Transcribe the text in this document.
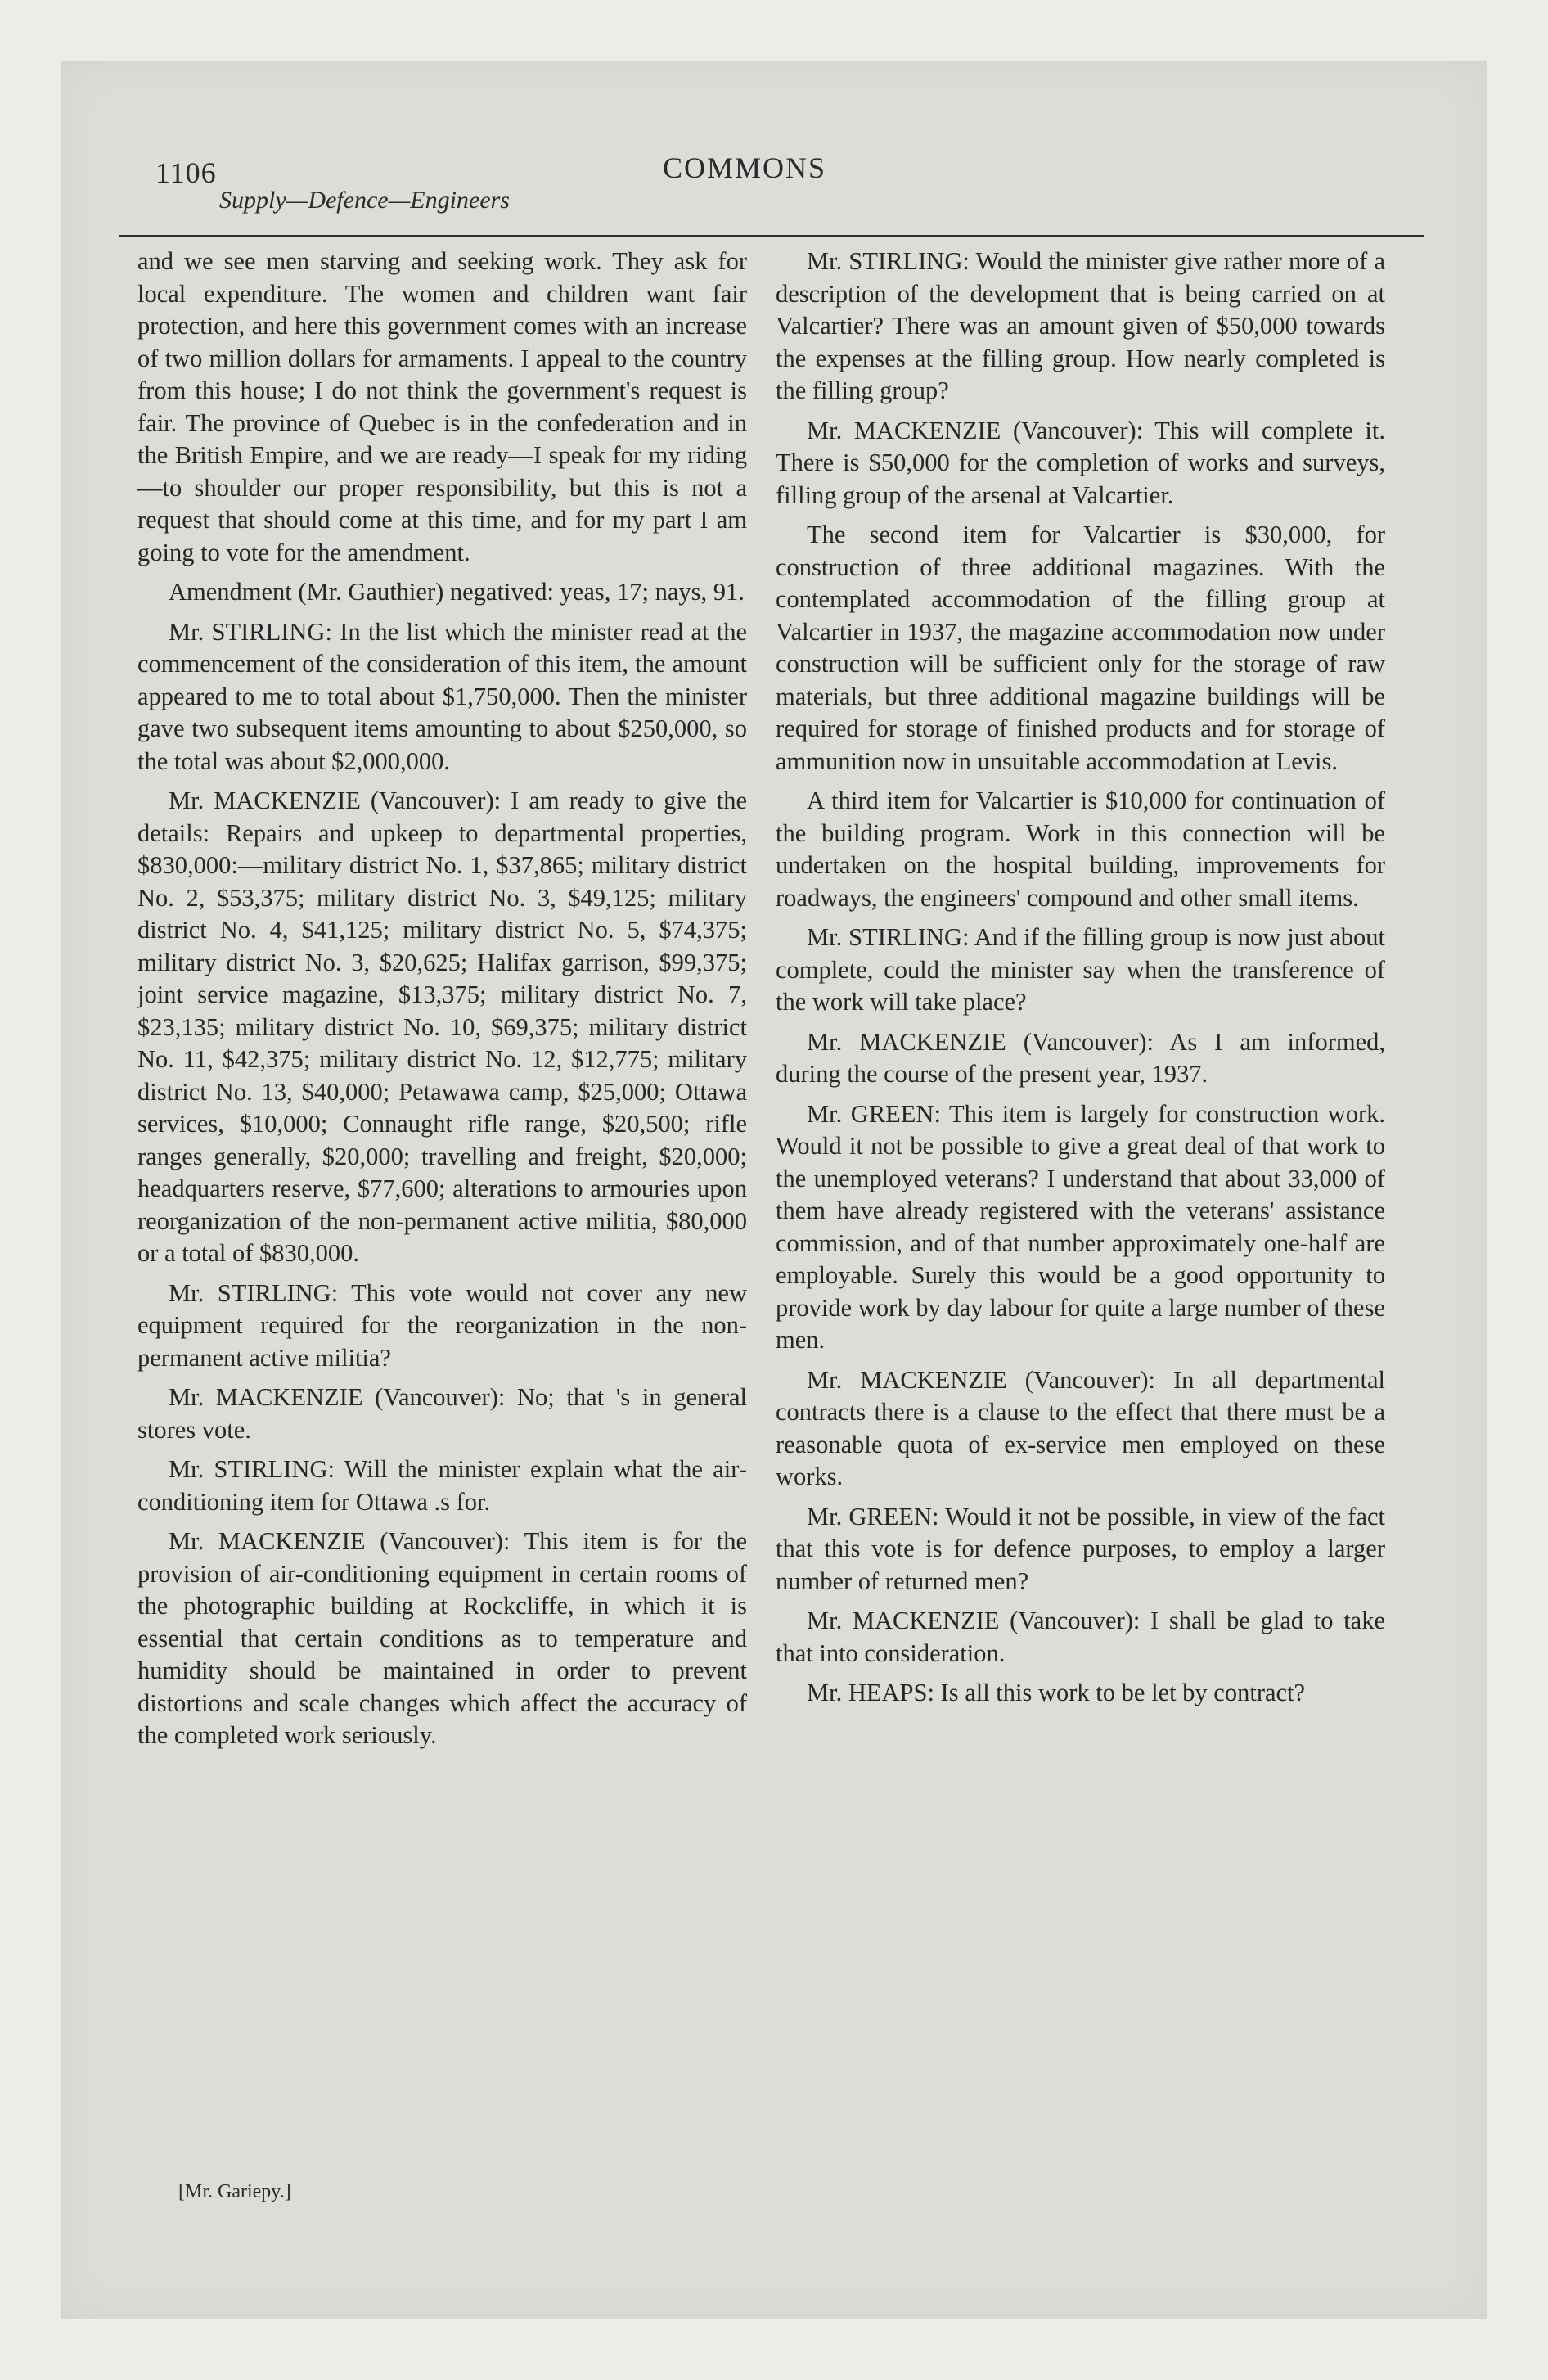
1106	COMMONS
Supply—Defence—Engineers

and we see men starving and seeking work. They ask for local expenditure. The women and children want fair protection, and here this government comes with an increase of two million dollars for armaments. I appeal to the country from this house; I do not think the government's request is fair. The province of Quebec is in the confederation and in the British Empire, and we are ready—I speak for my riding—to shoulder our proper responsibility, but this is not a request that should come at this time, and for my part I am going to vote for the amendment.

Amendment (Mr. Gauthier) negatived: yeas, 17; nays, 91.

Mr. STIRLING: In the list which the minister read at the commencement of the consideration of this item, the amount appeared to me to total about $1,750,000. Then the minister gave two subsequent items amounting to about $250,000, so the total was about $2,000,000.

Mr. MACKENZIE (Vancouver): I am ready to give the details: Repairs and upkeep to departmental properties, $830,000:—military district No. 1, $37,865; military district No. 2, $53,375; military district No. 3, $49,125; military district No. 4, $41,125; military district No. 5, $74,375; military district No. 3, $20,625; Halifax garrison, $99,375; joint service magazine, $13,375; military district No. 7, $23,135; military district No. 10, $69,375; military district No. 11, $42,375; military district No. 12, $12,775; military district No. 13, $40,000; Petawawa camp, $25,000; Ottawa services, $10,000; Connaught rifle range, $20,500; rifle ranges generally, $20,000; travelling and freight, $20,000; headquarters reserve, $77,600; alterations to armouries upon reorganization of the non-permanent active militia, $80,000 or a total of $830,000.

Mr. STIRLING: This vote would not cover any new equipment required for the reorganization in the non-permanent active militia?

Mr. MACKENZIE (Vancouver): No; that 's in general stores vote.

Mr. STIRLING: Will the minister explain what the air-conditioning item for Ottawa .s for.

Mr. MACKENZIE (Vancouver): This item is for the provision of air-conditioning equipment in certain rooms of the photographic building at Rockcliffe, in which it is essential that certain conditions as to temperature and humidity should be maintained in order to prevent distortions and scale changes which affect the accuracy of the completed work seriously.

Mr. STIRLING: Would the minister give rather more of a description of the development that is being carried on at Valcartier? There was an amount given of $50,000 towards the expenses at the filling group. How nearly completed is the filling group?

Mr. MACKENZIE (Vancouver): This will complete it. There is $50,000 for the completion of works and surveys, filling group of the arsenal at Valcartier.

The second item for Valcartier is $30,000, for construction of three additional magazines. With the contemplated accommodation of the filling group at Valcartier in 1937, the magazine accommodation now under construction will be sufficient only for the storage of raw materials, but three additional magazine buildings will be required for storage of finished products and for storage of ammunition now in unsuitable accommodation at Levis.

A third item for Valcartier is $10,000 for continuation of the building program. Work in this connection will be undertaken on the hospital building, improvements for roadways, the engineers' compound and other small items.

Mr. STIRLING: And if the filling group is now just about complete, could the minister say when the transference of the work will take place?

Mr. MACKENZIE (Vancouver): As I am informed, during the course of the present year, 1937.

Mr. GREEN: This item is largely for construction work. Would it not be possible to give a great deal of that work to the unemployed veterans? I understand that about 33,000 of them have already registered with the veterans' assistance commission, and of that number approximately one-half are employable. Surely this would be a good opportunity to provide work by day labour for quite a large number of these men.

Mr. MACKENZIE (Vancouver): In all departmental contracts there is a clause to the effect that there must be a reasonable quota of ex-service men employed on these works.

Mr. GREEN: Would it not be possible, in view of the fact that this vote is for defence purposes, to employ a larger number of returned men?

Mr. MACKENZIE (Vancouver): I shall be glad to take that into consideration.

Mr. HEAPS: Is all this work to be let by contract?

[Mr. Gariepy.]
